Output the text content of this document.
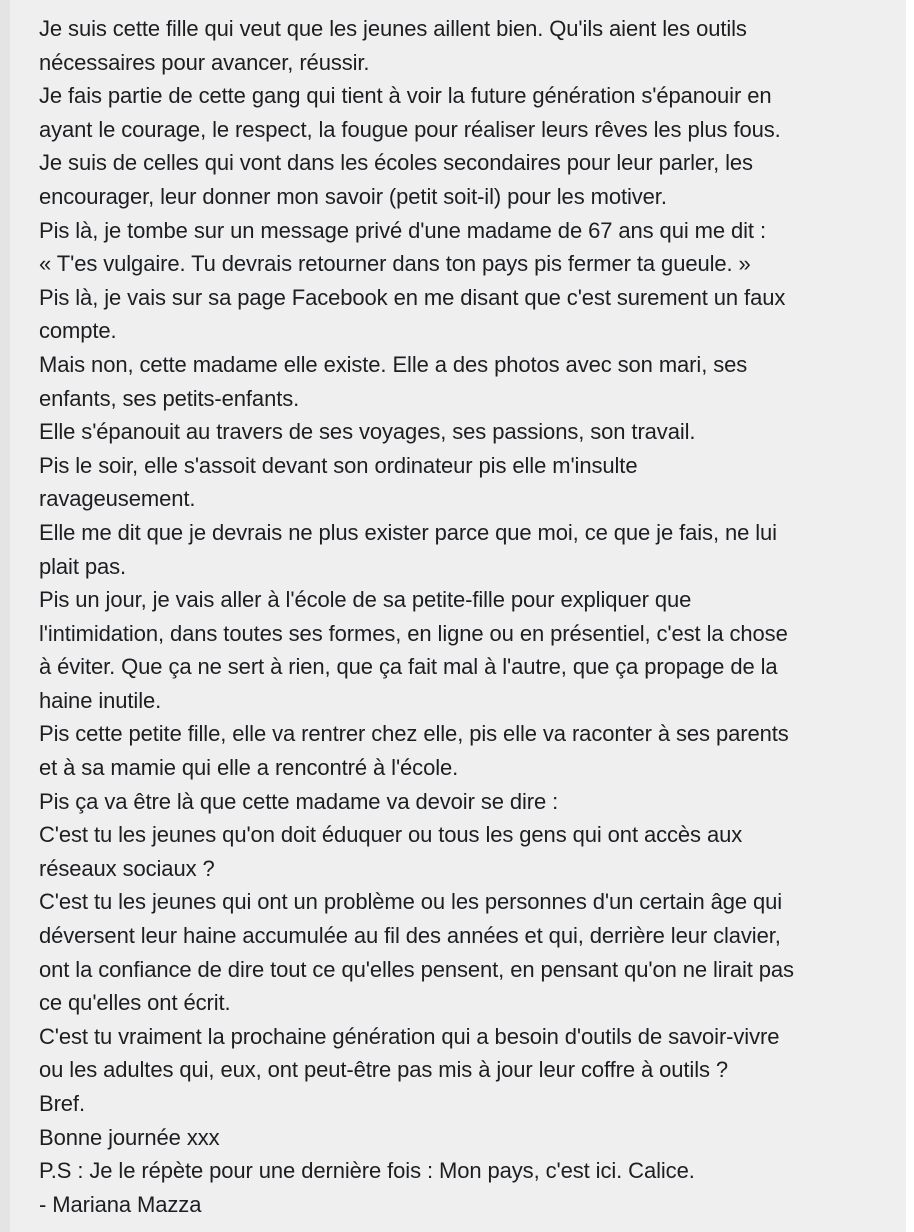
Je suis cette fille qui veut que les jeunes aillent bien. Qu'ils aient les outils
nécessaires pour avancer, réussir.
Je fais partie de cette gang qui tient à voir la future génération s'épanouir en
ayant le courage, le respect, la fougue pour réaliser leurs rêves les plus fous.
Je suis de celles qui vont dans les écoles secondaires pour leur parler, les
encourager, leur donner mon savoir (petit soit-il) pour les motiver.
Pis là, je tombe sur un message privé d'une madame de 67 ans qui me dit :
« T'es vulgaire. Tu devrais retourner dans ton pays pis fermer ta gueule. »
Pis là, je vais sur sa page Facebook en me disant que c'est surement un faux
compte.
Mais non, cette madame elle existe. Elle a des photos avec son mari, ses
enfants, ses petits-enfants.
Elle s'épanouit au travers de ses voyages, ses passions, son travail.
Pis le soir, elle s'assoit devant son ordinateur pis elle m'insulte
ravageusement.
Elle me dit que je devrais ne plus exister parce que moi, ce que je fais, ne lui
plait pas.
Pis un jour, je vais aller à l'école de sa petite-fille pour expliquer que
l'intimidation, dans toutes ses formes, en ligne ou en présentiel, c'est la chose
à éviter. Que ça ne sert à rien, que ça fait mal à l'autre, que ça propage de la
haine inutile.
Pis cette petite fille, elle va rentrer chez elle, pis elle va raconter à ses parents
et à sa mamie qui elle a rencontré à l'école.
Pis ça va être là que cette madame va devoir se dire :
C'est tu les jeunes qu'on doit éduquer ou tous les gens qui ont accès aux
réseaux sociaux ?
C'est tu les jeunes qui ont un problème ou les personnes d'un certain âge qui
déversent leur haine accumulée au fil des années et qui, derrière leur clavier,
ont la confiance de dire tout ce qu'elles pensent, en pensant qu'on ne lirait pas
ce qu'elles ont écrit.
C'est tu vraiment la prochaine génération qui a besoin d'outils de savoir-vivre
ou les adultes qui, eux, ont peut-être pas mis à jour leur coffre à outils ?
Bref.
Bonne journée xxx
P.S : Je le répète pour une dernière fois : Mon pays, c'est ici. Calice.
- Mariana Mazza
